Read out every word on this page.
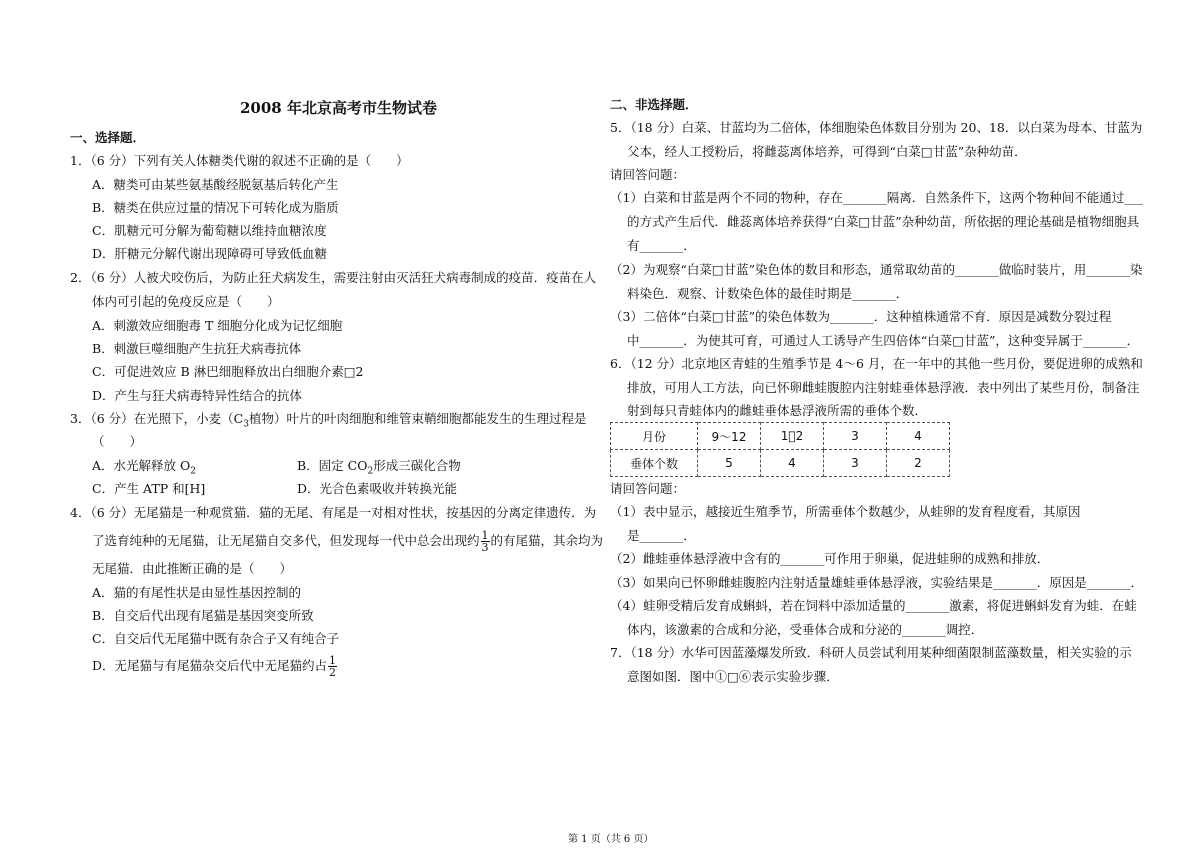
2008 年北京高考市生物试卷
一、选择题．
1．（6 分）下列有关人体糖类代谢的叙述不正确的是（　　）
A．糖类可由某些氨基酸经脱氨基后转化产生
B．糖类在供应过量的情况下可转化成为脂质
C．肌糖元可分解为葡萄糖以维持血糖浓度
D．肝糖元分解代谢出现障碍可导致低血糖
2．（6 分）人被犬咬伤后，为防止狂犬病发生，需要注射由灭活狂犬病毒制成的疫苗．疫苗在人
体内可引起的免疫反应是（　　）
A．刺激效应细胞毒 T 细胞分化成为记忆细胞
B．刺激巨噬细胞产生抗狂犬病毒抗体
C．可促进效应 B 淋巴细胞释放出白细胞介素□2
D．产生与狂犬病毒特异性结合的抗体
3．（6 分）在光照下，小麦（$C_3$植物）叶片的叶肉细胞和维管束鞘细胞都能发生的生理过程是
（　　）
A．水光解释放 $O_2$	B．固定 $CO_2$形成三碳化合物
C．产生 ATP 和[H]	D．光合色素吸收并转换光能
4．（6 分）无尾猫是一种观赏猫．猫的无尾、有尾是一对相对性状，按基因的分离定律遗传．为
了选育纯种的无尾猫，让无尾猫自交多代，但发现每一代中总会出现约 $\frac{1}{3}$ 的有尾猫，其余均为
无尾猫．由此推断正确的是（　　）
A．猫的有尾性状是由显性基因控制的
B．自交后代出现有尾猫是基因突变所致
C．自交后代无尾猫中既有杂合子又有纯合子
D．无尾猫与有尾猫杂交后代中无尾猫约占 $\frac{1}{2}$
二、非选择题．
5．（18 分）白菜、甘蓝均为二倍体，体细胞染色体数目分别为 20、18．以白菜为母本、甘蓝为
父本，经人工授粉后，将雌蕊离体培养，可得到“白菜□甘蓝”杂种幼苗．
请回答问题：
（1）白菜和甘蓝是两个不同的物种，存在_______隔离．自然条件下，这两个物种间不能通过___
的方式产生后代．雌蕊离体培养获得“白菜□甘蓝”杂种幼苗，所依据的理论基础是植物细胞具
有_______．
（2）为观察“白菜□甘蓝”染色体的数目和形态，通常取幼苗的_______做临时装片，用_______染
料染色．观察、计数染色体的最佳时期是_______．
（3）二倍体“白菜□甘蓝”的染色体数为_______．这种植株通常不育．原因是减数分裂过程
中_______．为使其可育，可通过人工诱导产生四倍体“白菜□甘蓝”，这种变异属于_______．
6．（12 分）北京地区青蛙的生殖季节是 4～6 月，在一年中的其他一些月份，要促进卵的成熟和
排放，可用人工方法，向已怀卵雌蛙腹腔内注射蛙垂体悬浮液．表中列出了某些月份，制备注
射到每只青蛙体内的雌蛙垂体悬浮液所需的垂体个数．
月份	9～12	1⃞2	3	4
垂体个数	5	4	3	2
请回答问题：
（1）表中显示，越接近生殖季节，所需垂体个数越少，从蛙卵的发育程度看，其原因
是_______．
（2）雌蛙垂体悬浮液中含有的_______可作用于卵巢，促进蛙卵的成熟和排放．
（3）如果向已怀卵雌蛙腹腔内注射适量雄蛙垂体悬浮液，实验结果是_______．原因是_______．
（4）蛙卵受精后发育成蝌蚪，若在饲料中添加适量的_______激素，将促进蝌蚪发育为蛙．在蛙
体内，该激素的合成和分泌，受垂体合成和分泌的_______调控．
7．（18 分）水华可因蓝藻爆发所致．科研人员尝试利用某种细菌限制蓝藻数量，相关实验的示
意图如图．图中①□⑥表示实验步骤．
第 1 页（共 6 页）
